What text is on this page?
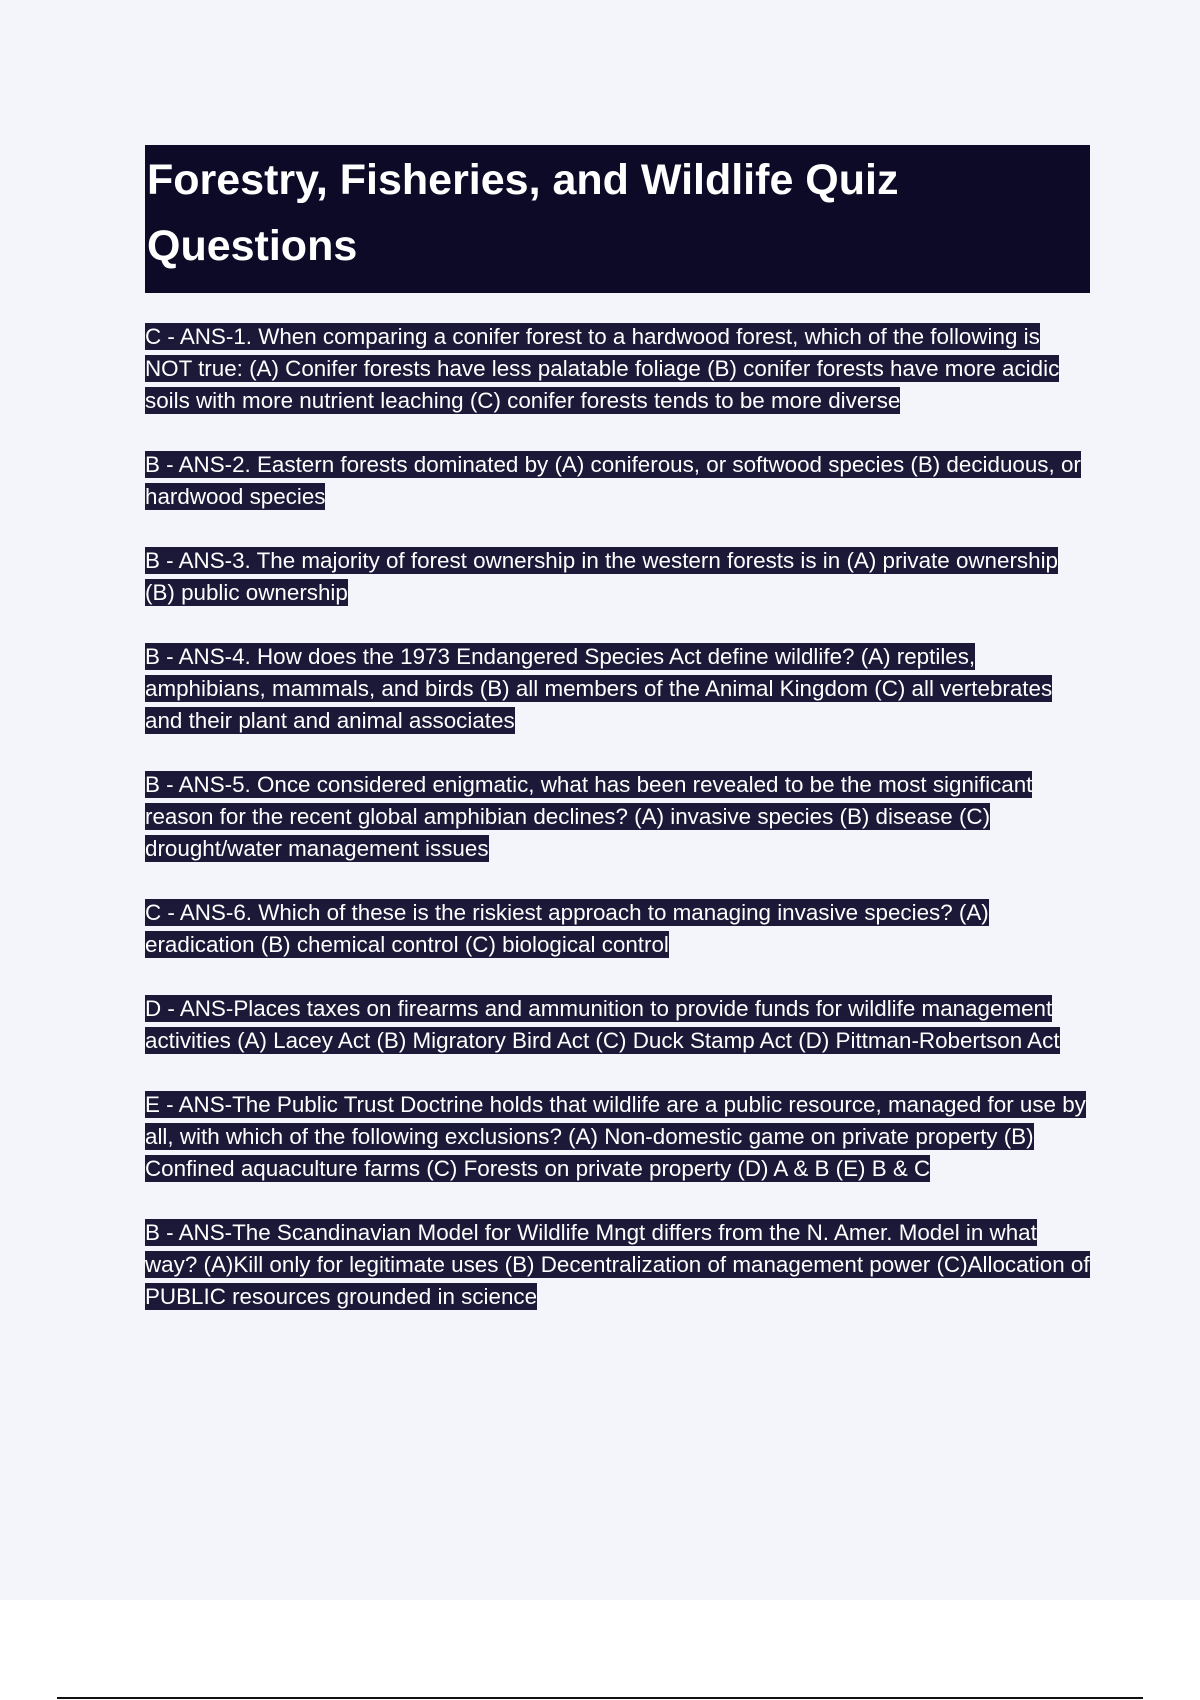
Forestry, Fisheries, and Wildlife Quiz Questions
C - ANS-1. When comparing a conifer forest to a hardwood forest, which of the following is NOT true: (A) Conifer forests have less palatable foliage (B) conifer forests have more acidic soils with more nutrient leaching (C) conifer forests tends to be more diverse
B - ANS-2. Eastern forests dominated by (A) coniferous, or softwood species (B) deciduous, or hardwood species
B - ANS-3. The majority of forest ownership in the western forests is in (A) private ownership (B) public ownership
B - ANS-4. How does the 1973 Endangered Species Act define wildlife? (A) reptiles, amphibians, mammals, and birds (B) all members of the Animal Kingdom (C) all vertebrates and their plant and animal associates
B - ANS-5. Once considered enigmatic, what has been revealed to be the most significant reason for the recent global amphibian declines? (A) invasive species (B) disease (C) drought/water management issues
C - ANS-6. Which of these is the riskiest approach to managing invasive species? (A) eradication (B) chemical control (C) biological control
D - ANS-Places taxes on firearms and ammunition to provide funds for wildlife management activities (A) Lacey Act (B) Migratory Bird Act (C) Duck Stamp Act (D) Pittman-Robertson Act
E - ANS-The Public Trust Doctrine holds that wildlife are a public resource, managed for use by all, with which of the following exclusions? (A) Non-domestic game on private property (B) Confined aquaculture farms (C) Forests on private property (D) A & B (E) B & C
B - ANS-The Scandinavian Model for Wildlife Mngt differs from the N. Amer. Model in what way? (A)Kill only for legitimate uses (B) Decentralization of management power (C)Allocation of PUBLIC resources grounded in science
